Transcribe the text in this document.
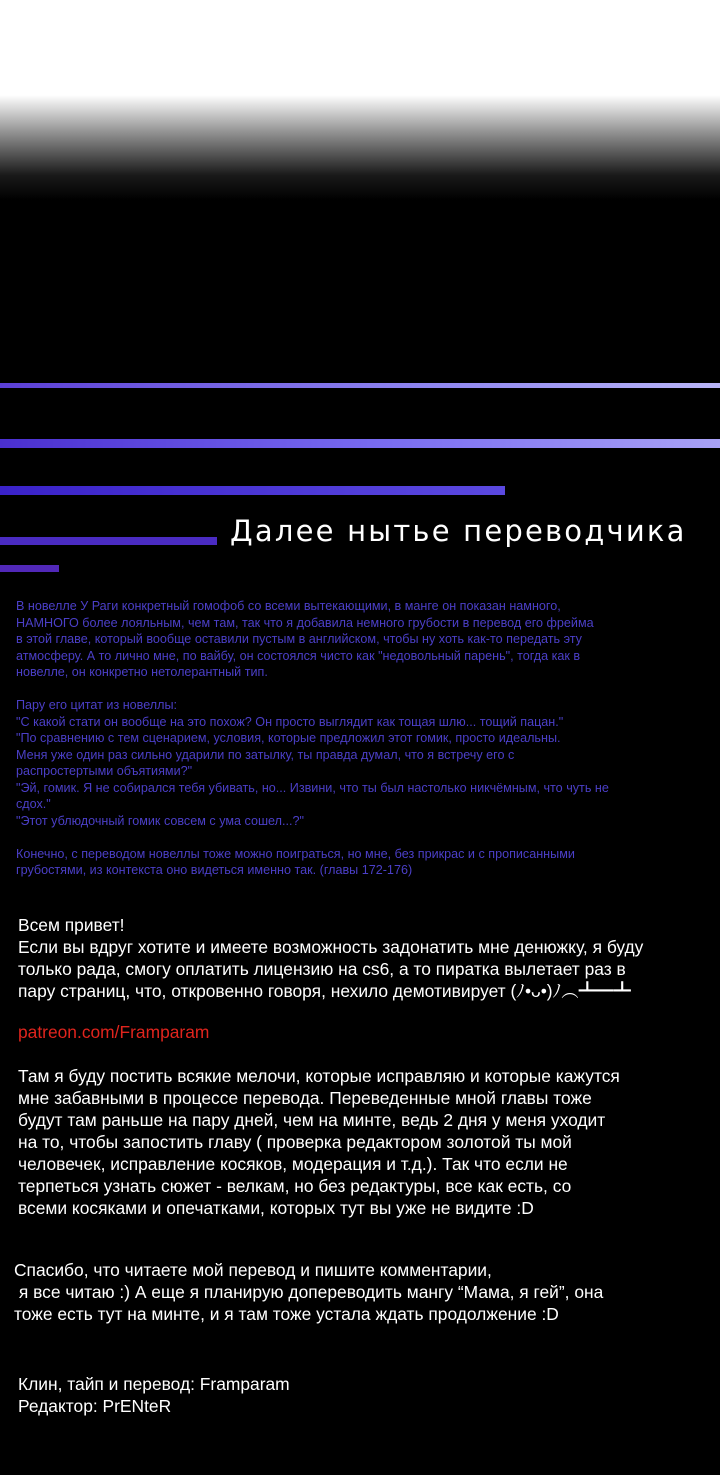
Далее нытье переводчика

В новелле У Раги конкретный гомофоб со всеми вытекающими, в манге он показан намного,

НАМНОГО более лояльным, чем там, так что я добавила немного грубости в перевод его фрейма

в этой главе, который вообще оставили пустым в английском, чтобы ну хоть как-то передать эту

атмосферу. А то лично мне, по вайбу, он состоялся чисто как "недовольный парень", тогда как в

новелле, он конкретно нетолерантный тип.

Пару его цитат из новеллы:

"С какой стати он вообще на это похож? Он просто выглядит как тощая шлю... тощий пацан."

"По сравнению с тем сценарием, условия, которые предложил этот гомик, просто идеальны.

Меня уже один раз сильно ударили по затылку, ты правда думал, что я встречу его с

распростертыми объятиями?"

"Эй, гомик. Я не собирался тебя убивать, но... Извини, что ты был настолько никчёмным, что чуть не

сдох."

"Этот ублюдочный гомик совсем с ума сошел...?"

Конечно, с переводом новеллы тоже можно поиграться, но мне, без прикрас и с прописанными

грубостями, из контекста оно видеться именно так. (главы 172-176)

Всем привет!

Если вы вдруг хотите и имеете возможность задонатить мне денюжку, я буду

только рада, смогу оплатить лицензию на cs6, а то пиратка вылетает раз в

пару страниц, что, откровенно говоря, нехило демотивирует (ﾉ•ᴗ•)ﾉ︵┻━┻

patreon.com/Framparam

Там я буду постить всякие мелочи, которые исправляю и которые кажутся

мне забавными в процессе перевода. Переведенные мной главы тоже

будут там раньше на пару дней, чем на минте, ведь 2 дня у меня уходит

на то, чтобы запостить главу ( проверка редактором золотой ты мой

человечек, исправление косяков, модерация и т.д.). Так что если не

терпеться узнать сюжет - велкам, но без редактуры, все как есть, со

всеми косяками и опечатками, которых тут вы уже не видите :D

Спасибо, что читаете мой перевод и пишите комментарии,

я все читаю :) А еще я планирую допереводить мангу “Мама, я гей”, она

тоже есть тут на минте, и я там тоже устала ждать продолжение :D

Клин, тайп и перевод: Framparam

Редактор: PrENteR
